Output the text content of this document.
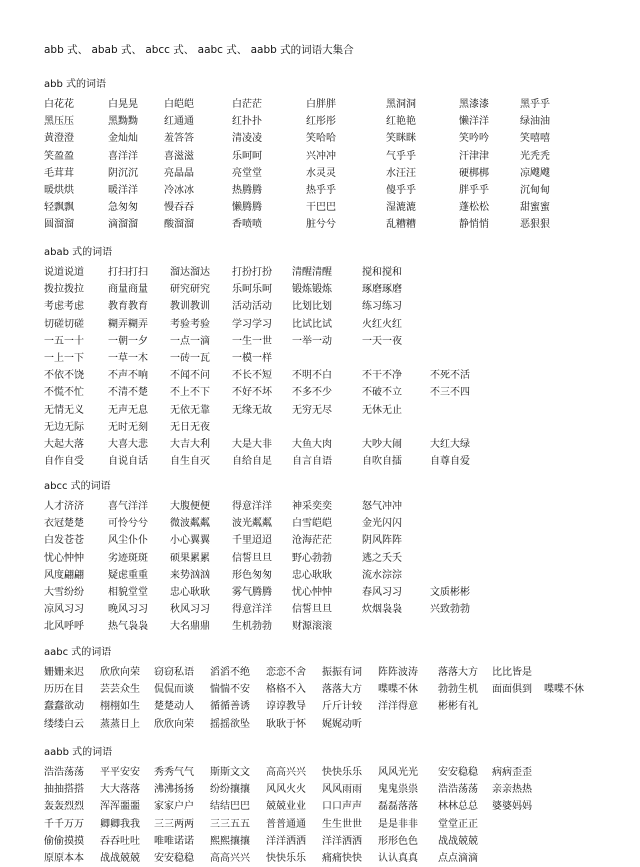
abb 式、 abab 式、 abcc 式、 aabc 式、 aabb 式的词语大集合
abb 式的词语
白花花	白晃晃	白皑皑	白茫茫	白胖胖	黑洞洞	黑漆漆	黑乎乎
黑压压	黑黝黝	红通通	红扑扑	红彤彤	红艳艳	懒洋洋	绿油油
黄澄澄	金灿灿	羞答答	清凌凌	笑哈哈	笑眯眯	笑吟吟	笑嘻嘻
笑盈盈	喜洋洋	喜滋滋	乐呵呵	兴冲冲	气乎乎	汗津津	光秃秃
毛茸茸	阴沉沉	亮晶晶	亮堂堂	水灵灵	水汪汪	硬梆梆	凉飕飕
暖烘烘	暖洋洋	冷冰冰	热腾腾	热乎乎	傻乎乎	胖乎乎	沉甸甸
轻飘飘	急匆匆	慢吞吞	懒腾腾	干巴巴	湿漉漉	蓬松松	甜蜜蜜
圆溜溜	滴溜溜	酸溜溜	香喷喷	脏兮兮	乱糟糟	静悄悄	恶狠狠
abab 式的词语
说道说道 打扫打扫 溜达溜达 打扮打扮 清醒清醒	搅和搅和
拨拉拨拉 商量商量 研究研究 乐呵乐呵 锻炼锻炼	琢磨琢磨
考虑考虑 教育教育 教训教训 活动活动 比划比划	练习练习
切磋切磋 糊弄糊弄 考验考验 学习学习 比试比试	火红火红
一五一十 一朝一夕 一点一滴 一生一世 一举一动	一天一夜
一上一下 一草一木 一砖一瓦 一模一样
不依不饶 不声不响 不闻不问 不长不短 不明不白	不干不净	不死不活
不慌不忙 不清不楚 不上不下 不好不坏 不多不少	不破不立	不三不四
无情无义 无声无息 无依无靠 无缘无故 无穷无尽	无休无止
无边无际 无时无刻 无日无夜
大起大落 大喜大悲 大吉大利 大是大非 大鱼大肉	大吵大闹	大红大绿
自作自受 自说自话 自生自灭 自给自足 自言自语	自吹自擂	自尊自爱
abcc 式的词语
人才济济 喜气洋洋 大腹便便 得意洋洋 神采奕奕	怒气冲冲
衣冠楚楚 可怜兮兮 微波粼粼 波光粼粼 白雪皑皑	金光闪闪
白发苍苍 风尘仆仆 小心翼翼 千里迢迢 沧海茫茫	阴风阵阵
忧心忡忡 劣迹斑斑 硕果累累 信誓旦旦 野心勃勃	逃之夭夭
风度翩翩 疑虑重重 来势汹汹 形色匆匆 忠心耿耿	流水淙淙
大雪纷纷 相貌堂堂 忠心耿耿 雾气腾腾 忧心忡忡	春风习习	文质彬彬
凉风习习 晚风习习 秋风习习 得意洋洋 信誓旦旦	炊烟袅袅	兴致勃勃
北风呼呼 热气袅袅 大名鼎鼎 生机勃勃 财源滚滚
aabc 式的词语
姗姗来迟 欣欣向荣 窃窃私语 滔滔不绝 恋恋不舍 振振有词 阵阵波涛 落落大方 比比皆是
历历在目 芸芸众生 侃侃而谈 惴惴不安 格格不入 落落大方 喋喋不休 勃勃生机 面面俱到 喋喋不休
蠢蠢欲动 栩栩如生 楚楚动人 循循善诱 谆谆教导 斤斤计较 洋洋得意 彬彬有礼
缕缕白云 蒸蒸日上 欣欣向荣 摇摇欲坠 耿耿于怀 娓娓动听
aabb 式的词语
浩浩荡荡 平平安安 秀秀气气 斯斯文文 高高兴兴 快快乐乐 风风光光 安安稳稳 病病歪歪
抽抽搭搭 大大落落 沸沸扬扬 纷纷攘攘 风风火火 风风雨雨 鬼鬼祟祟 浩浩荡荡 亲亲热热
轰轰烈烈 浑浑噩噩 家家户户 结结巴巴 兢兢业业 口口声声 磊磊落落 林林总总 婆婆妈妈
千千万万 卿卿我我 三三两两 三三五五 普普通通 生生世世 是是非非 堂堂正正
偷偷摸摸 吞吞吐吐 唯唯诺诺 熙熙攘攘 洋洋洒洒 洋洋洒洒 形形色色 战战兢兢
原原本本 战战兢兢 安安稳稳 高高兴兴 快快乐乐 痛痛快快 认认真真 点点滴滴
